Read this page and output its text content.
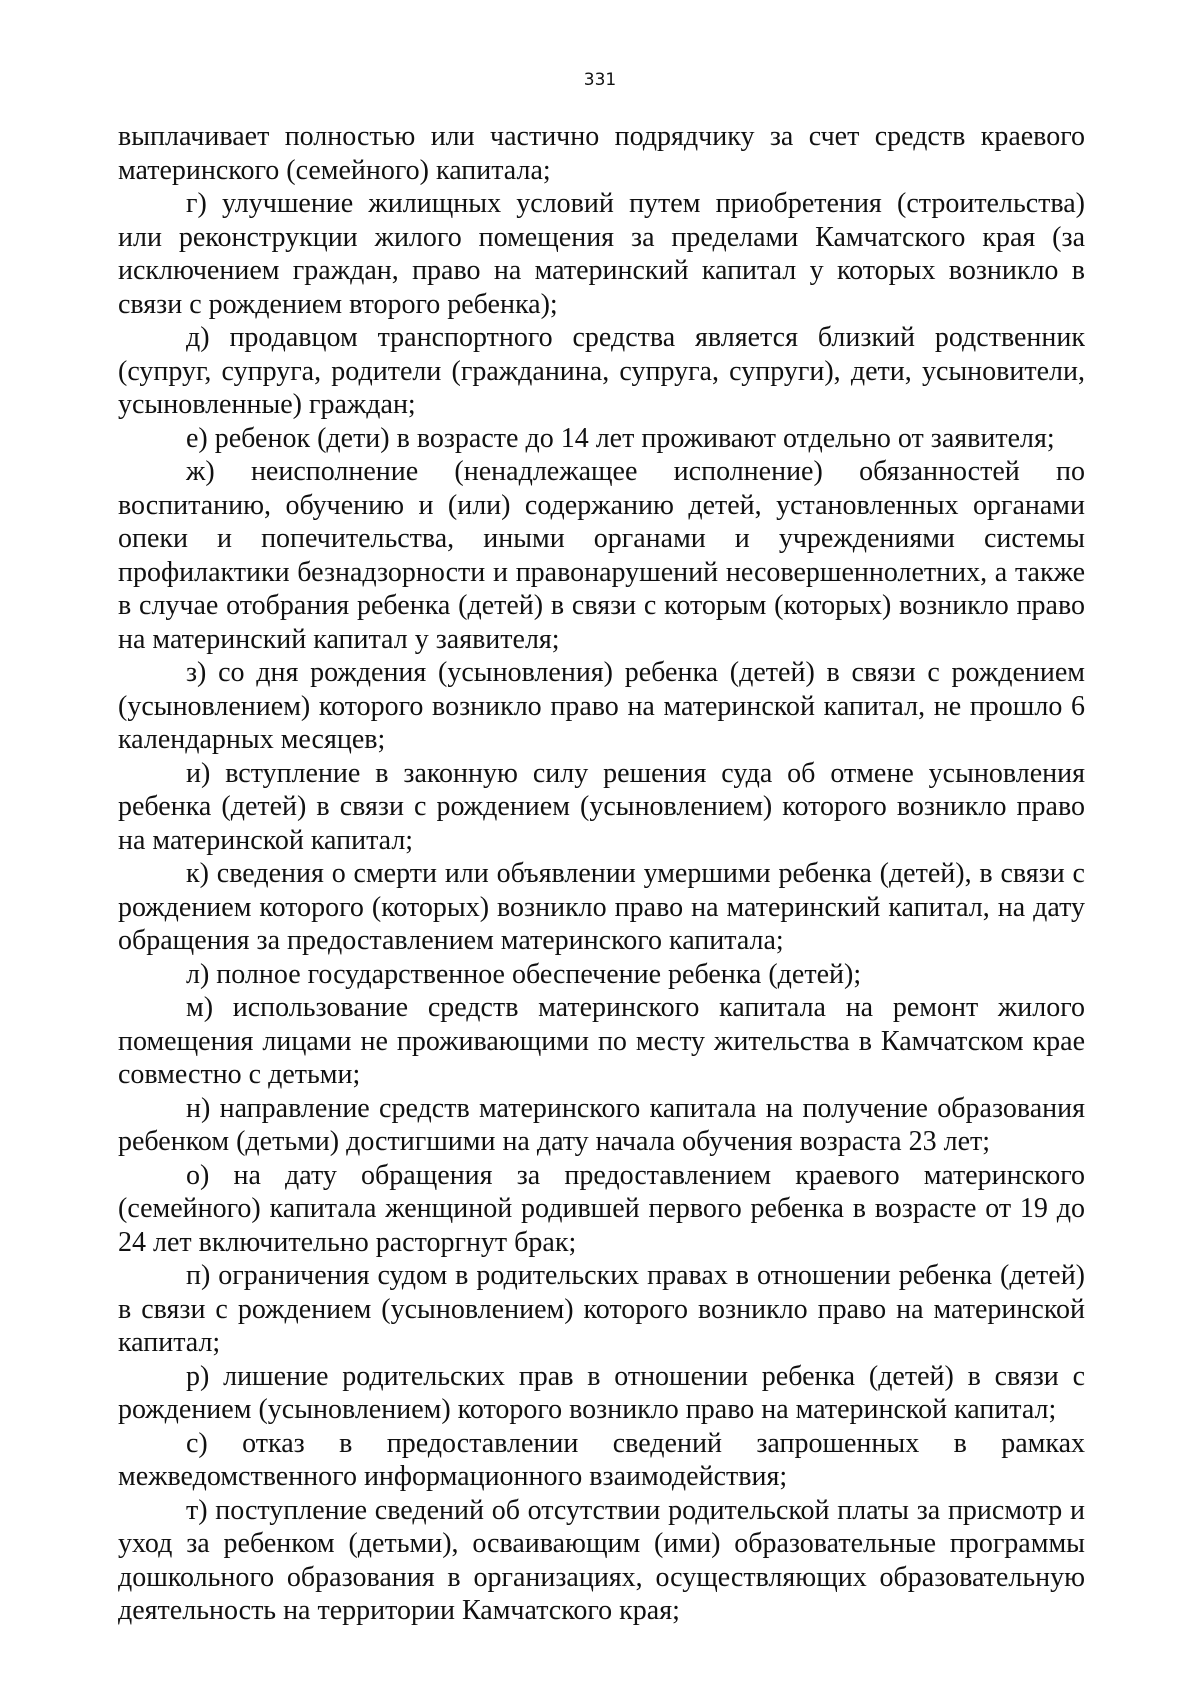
331

выплачивает полностью или частично подрядчику за счет средств краевого материнского (семейного) капитала;

г) улучшение жилищных условий путем приобретения (строительства) или реконструкции жилого помещения за пределами Камчатского края (за исключением граждан, право на материнский капитал у которых возникло в связи с рождением второго ребенка);

д) продавцом транспортного средства является близкий родственник (супруг, супруга, родители (гражданина, супруга, супруги), дети, усыновители, усыновленные) граждан;

е) ребенок (дети) в возрасте до 14 лет проживают отдельно от заявителя;

ж) неисполнение (ненадлежащее исполнение) обязанностей по воспитанию, обучению и (или) содержанию детей, установленных органами опеки и попечительства, иными органами и учреждениями системы профилактики безнадзорности и правонарушений несовершеннолетних, а также в случае отобрания ребенка (детей) в связи с которым (которых) возникло право на материнский капитал у заявителя;

з) со дня рождения (усыновления) ребенка (детей) в связи с рождением (усыновлением) которого возникло право на материнской капитал, не прошло 6 календарных месяцев;

и) вступление в законную силу решения суда об отмене усыновления ребенка (детей) в связи с рождением (усыновлением) которого возникло право на материнской капитал;

к) сведения о смерти или объявлении умершими ребенка (детей), в связи с рождением которого (которых) возникло право на материнский капитал, на дату обращения за предоставлением материнского капитала;

л) полное государственное обеспечение ребенка (детей);

м) использование средств материнского капитала на ремонт жилого помещения лицами не проживающими по месту жительства в Камчатском крае совместно с детьми;

н) направление средств материнского капитала на получение образования ребенком (детьми) достигшими на дату начала обучения возраста 23 лет;

о) на дату обращения за предоставлением краевого материнского (семейного) капитала женщиной родившей первого ребенка в возрасте от 19 до 24 лет включительно расторгнут брак;

п) ограничения судом в родительских правах в отношении ребенка (детей) в связи с рождением (усыновлением) которого возникло право на материнской капитал;

р) лишение родительских прав в отношении ребенка (детей) в связи с рождением (усыновлением) которого возникло право на материнской капитал;

с) отказ в предоставлении сведений запрошенных в рамках межведомственного информационного взаимодействия;

т) поступление сведений об отсутствии родительской платы за присмотр и уход за ребенком (детьми), осваивающим (ими) образовательные программы дошкольного образования в организациях, осуществляющих образовательную деятельность на территории Камчатского края;
